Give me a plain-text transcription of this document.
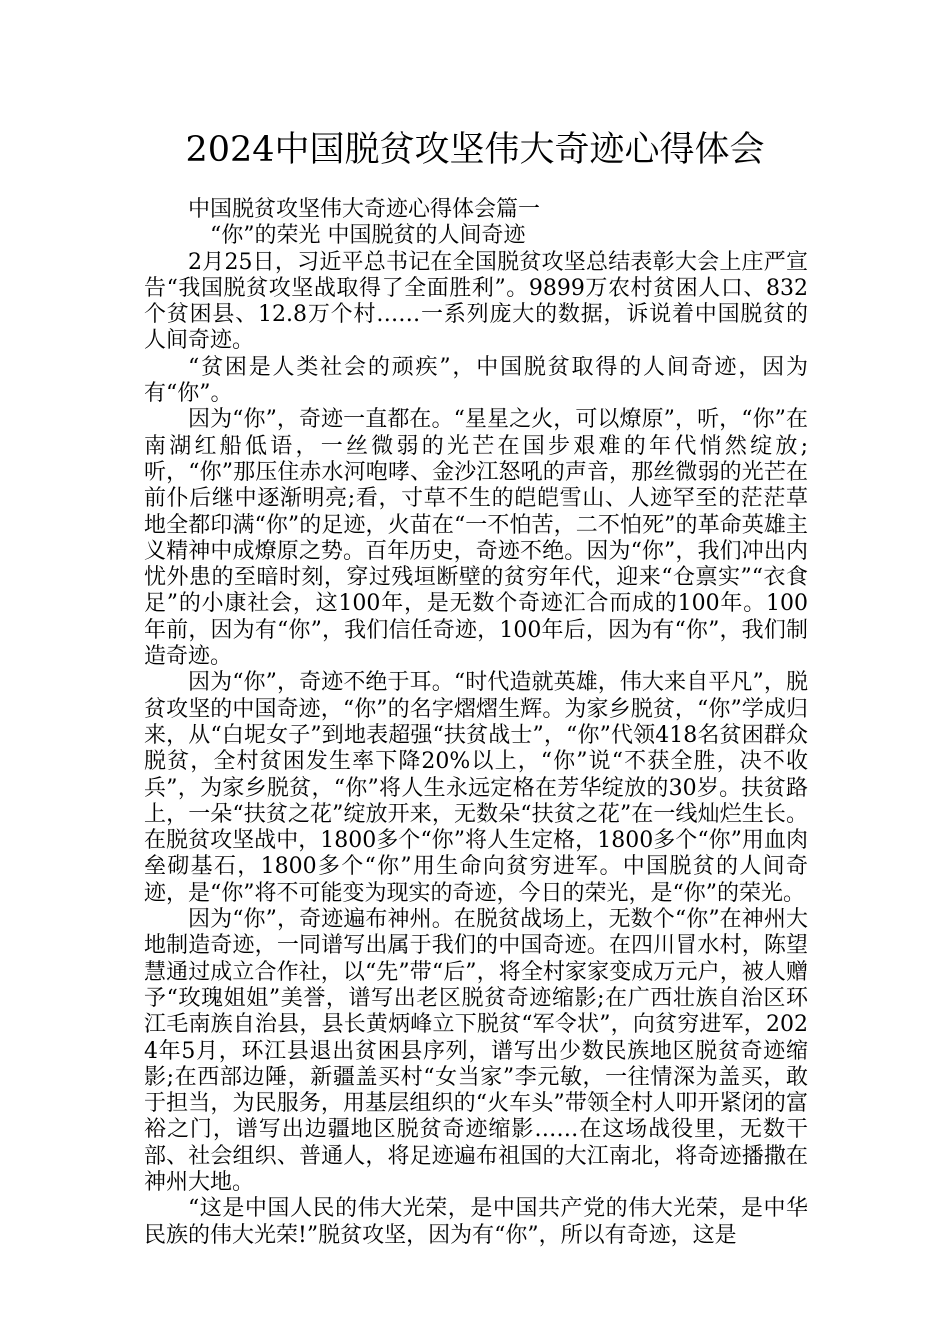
2024中国脱贫攻坚伟大奇迹心得体会

中国脱贫攻坚伟大奇迹心得体会篇一

“你”的荣光 中国脱贫的人间奇迹

2月25日，习近平总书记在全国脱贫攻坚总结表彰大会上庄严宣告“我国脱贫攻坚战取得了全面胜利”。9899万农村贫困人口、832个贫困县、12.8万个村……一系列庞大的数据，诉说着中国脱贫的人间奇迹。

“贫困是人类社会的顽疾”，中国脱贫取得的人间奇迹，因为有“你”。

因为“你”，奇迹一直都在。“星星之火，可以燎原”，听，“你”在南湖红船低语，一丝微弱的光芒在国步艰难的年代悄然绽放;听，“你”那压住赤水河咆哮、金沙江怒吼的声音，那丝微弱的光芒在前仆后继中逐渐明亮;看，寸草不生的皑皑雪山、人迹罕至的茫茫草地全都印满“你”的足迹，火苗在“一不怕苦，二不怕死”的革命英雄主义精神中成燎原之势。百年历史，奇迹不绝。因为“你”，我们冲出内忧外患的至暗时刻，穿过残垣断壁的贫穷年代，迎来“仓禀实”“衣食足”的小康社会，这100年，是无数个奇迹汇合而成的100年。100年前，因为有“你”，我们信任奇迹，100年后，因为有“你”，我们制造奇迹。

因为“你”，奇迹不绝于耳。“时代造就英雄，伟大来自平凡”，脱贫攻坚的中国奇迹，“你”的名字熠熠生辉。为家乡脱贫，“你”学成归来，从“白坭女子”到地表超强“扶贫战士”，“你”代领418名贫困群众脱贫，全村贫困发生率下降20%以上，“你”说“不获全胜，决不收兵”，为家乡脱贫，“你”将人生永远定格在芳华绽放的30岁。扶贫路上，一朵“扶贫之花”绽放开来，无数朵“扶贫之花”在一线灿烂生长。在脱贫攻坚战中，1800多个“你”将人生定格，1800多个“你”用血肉垒砌基石，1800多个“你”用生命向贫穷进军。中国脱贫的人间奇迹，是“你”将不可能变为现实的奇迹，今日的荣光，是“你”的荣光。

因为“你”，奇迹遍布神州。在脱贫战场上，无数个“你”在神州大地制造奇迹，一同谱写出属于我们的中国奇迹。在四川冒水村，陈望慧通过成立合作社，以“先”带“后”，将全村家家变成万元户，被人赠予“玫瑰姐姐”美誉，谱写出老区脱贫奇迹缩影;在广西壮族自治区环江毛南族自治县，县长黄炳峰立下脱贫“军令状”，向贫穷进军，2024年5月，环江县退出贫困县序列，谱写出少数民族地区脱贫奇迹缩影;在西部边陲，新疆盖买村“女当家”李元敏，一往情深为盖买，敢于担当，为民服务，用基层组织的“火车头”带领全村人叩开紧闭的富裕之门，谱写出边疆地区脱贫奇迹缩影……在这场战役里，无数干部、社会组织、普通人，将足迹遍布祖国的大江南北，将奇迹播撒在神州大地。

“这是中国人民的伟大光荣，是中国共产党的伟大光荣，是中华民族的伟大光荣!”脱贫攻坚，因为有“你”，所以有奇迹，这是
